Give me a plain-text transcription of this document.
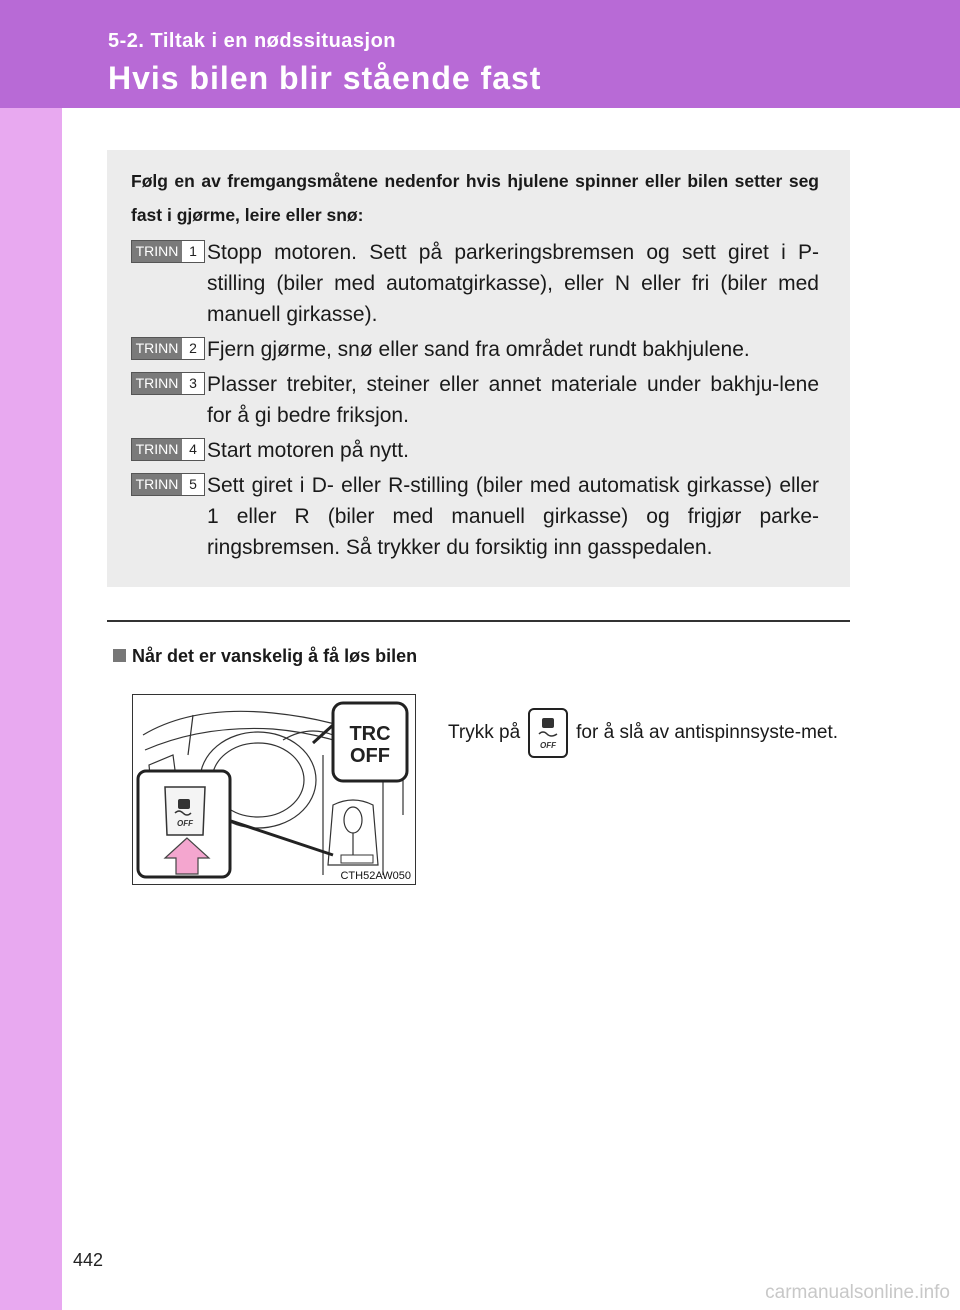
5-2. Tiltak i en nødssituasjon
Hvis bilen blir stående fast
Følg en av fremgangsmåtene nedenfor hvis hjulene spinner eller bilen setter seg fast i gjørme, leire eller snø:
TRINN 1 Stopp motoren. Sett på parkeringsbremsen og sett giret i P-stilling (biler med automatgirkasse), eller N eller fri (biler med manuell girkasse).
TRINN 2 Fjern gjørme, snø eller sand fra området rundt bakhjulene.
TRINN 3 Plasser trebiter, steiner eller annet materiale under bakhju-lene for å gi bedre friksjon.
TRINN 4 Start motoren på nytt.
TRINN 5 Sett giret i D- eller R-stilling (biler med automatisk girkasse) eller 1 eller R (biler med manuell girkasse) og frigjør parke-ringsbremsen. Så trykker du forsiktig inn gasspedalen.
Når det er vanskelig å få løs bilen
TRC
OFF
OFF
CTH52AW050
Trykk på
OFF
for å slå av antispinnsyste-met.
442
carmanualsonline.info
